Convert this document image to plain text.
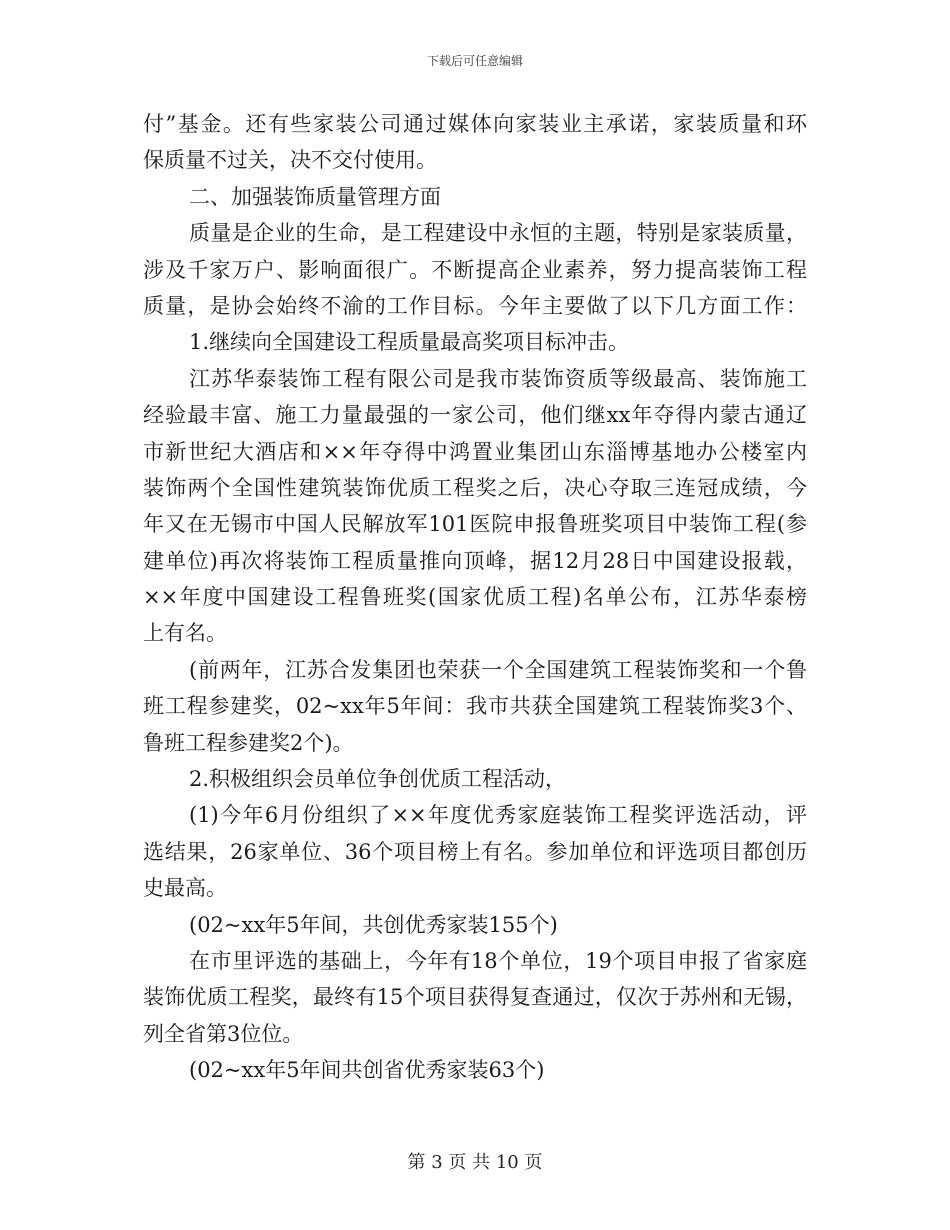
下载后可任意编辑
付”基金。还有些家装公司通过媒体向家装业主承诺，家装质量和环
保质量不过关，决不交付使用。
二、加强装饰质量管理方面
质量是企业的生命，是工程建设中永恒的主题，特别是家装质量，
涉及千家万户、影响面很广。不断提高企业素养，努力提高装饰工程
质量，是协会始终不渝的工作目标。今年主要做了以下几方面工作：
1.继续向全国建设工程质量最高奖项目标冲击。
江苏华泰装饰工程有限公司是我市装饰资质等级最高、装饰施工
经验最丰富、施工力量最强的一家公司，他们继xx年夺得内蒙古通辽
市新世纪大酒店和××年夺得中鸿置业集团山东淄博基地办公楼室内
装饰两个全国性建筑装饰优质工程奖之后，决心夺取三连冠成绩，今
年又在无锡市中国人民解放军101医院申报鲁班奖项目中装饰工程(参
建单位)再次将装饰工程质量推向顶峰，据12月28日中国建设报载，
××年度中国建设工程鲁班奖(国家优质工程)名单公布，江苏华泰榜
上有名。
(前两年，江苏合发集团也荣获一个全国建筑工程装饰奖和一个鲁
班工程参建奖，02~xx年5年间：我市共获全国建筑工程装饰奖3个、
鲁班工程参建奖2个)。
2.积极组织会员单位争创优质工程活动，
(1)今年6月份组织了××年度优秀家庭装饰工程奖评选活动，评
选结果，26家单位、36个项目榜上有名。参加单位和评选项目都创历
史最高。
(02~xx年5年间，共创优秀家装155个)
在市里评选的基础上，今年有18个单位，19个项目申报了省家庭
装饰优质工程奖，最终有15个项目获得复查通过，仅次于苏州和无锡，
列全省第3位位。
(02~xx年5年间共创省优秀家装63个)
第 3 页 共 10 页
